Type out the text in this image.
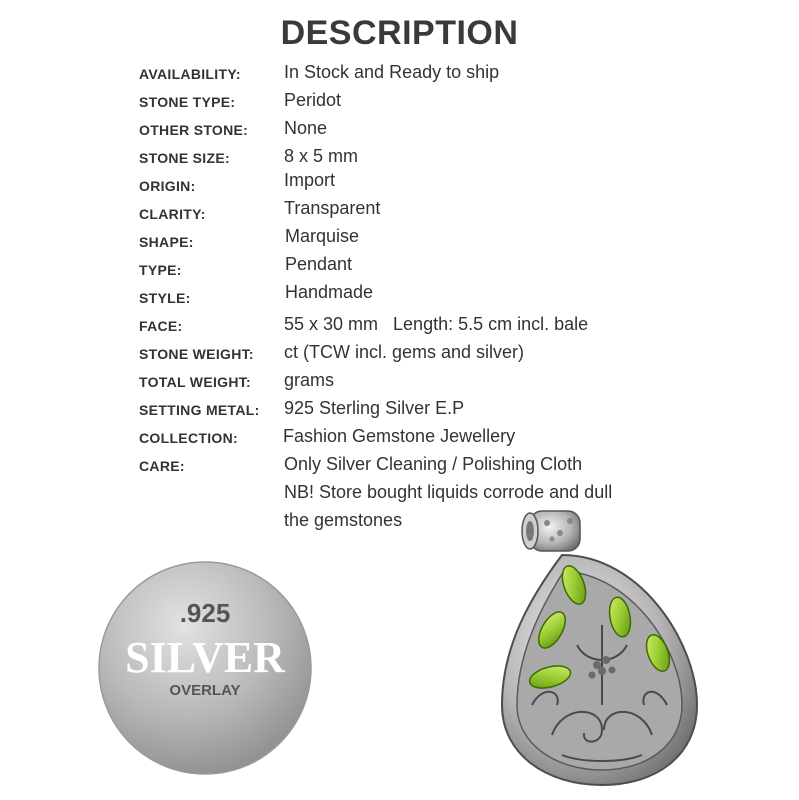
DESCRIPTION
AVAILABILITY: In Stock and Ready to ship
STONE TYPE:	Peridot
OTHER STONE: None
STONE SIZE:	8 x 5 mm
ORIGIN:	Import
CLARITY:	Transparent
SHAPE:	Marquise
TYPE:	Pendant
STYLE:	Handmade
FACE:	55 x 30 mm   Length: 5.5 cm incl. bale
STONE WEIGHT: ct (TCW incl. gems and silver)
TOTAL WEIGHT: grams
SETTING METAL: 925 Sterling Silver E.P
COLLECTION:	Fashion Gemstone Jewellery
CARE:	Only Silver Cleaning / Polishing Cloth
NB! Store bought liquids corrode and dull
the gemstones
.925
SILVER
OVERLAY
